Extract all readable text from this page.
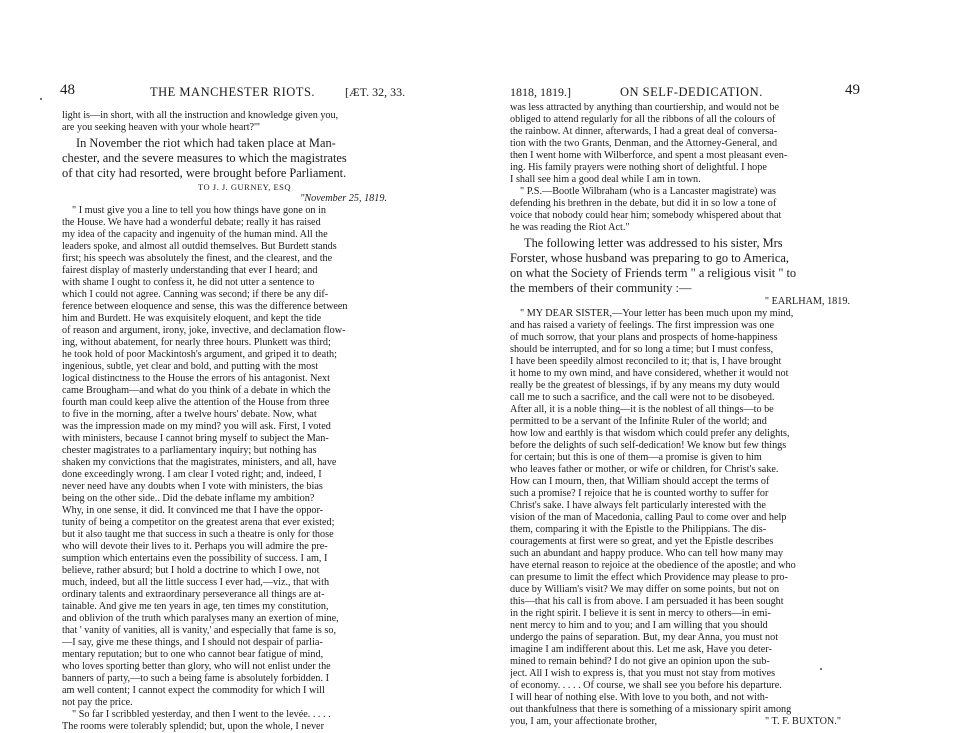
48	THE MANCHESTER RIOTS. [ÆT. 32, 33.
light is—in short, with all the instruction and knowledge given you,
are you seeking heaven with your whole heart?'"
In November the riot which had taken place at Man-
chester, and the severe measures to which the magistrates
of that city had resorted, were brought before Parliament.
TO J. J. GURNEY, ESQ
"November 25, 1819.
" I must give you a line to tell you how things have gone on in
the House. We have had a wonderful debate; really it has raised
my idea of the capacity and ingenuity of the human mind. All the
leaders spoke, and almost all outdid themselves. But Burdett stands
first; his speech was absolutely the finest, and the clearest, and the
fairest display of masterly understanding that ever I heard; and
with shame I ought to confess it, he did not utter a sentence to
which I could not agree. Canning was second; if there be any dif-
ference between eloquence and sense, this was the difference between
him and Burdett. He was exquisitely eloquent, and kept the tide
of reason and argument, irony, joke, invective, and declamation flow-
ing, without abatement, for nearly three hours. Plunkett was third;
he took hold of poor Mackintosh's argument, and griped it to death;
ingenious, subtle, yet clear and bold, and putting with the most
logical distinctness to the House the errors of his antagonist. Next
came Brougham—and what do you think of a debate in which the
fourth man could keep alive the attention of the House from three
to five in the morning, after a twelve hours' debate. Now, what
was the impression made on my mind? you will ask. First, I voted
with ministers, because I cannot bring myself to subject the Man-
chester magistrates to a parliamentary inquiry; but nothing has
shaken my convictions that the magistrates, ministers, and all, have
done exceedingly wrong. I am clear I voted right; and, indeed, I
never need have any doubts when I vote with ministers, the bias
being on the other side.. Did the debate inflame my ambition?
Why, in one sense, it did. It convinced me that I have the oppor-
tunity of being a competitor on the greatest arena that ever existed;
but it also taught me that success in such a theatre is only for those
who will devote their lives to it. Perhaps you will admire the pre-
sumption which entertains even the possibility of success. I am, I
believe, rather absurd; but I hold a doctrine to which I owe, not
much, indeed, but all the little success I ever had,—viz., that with
ordinary talents and extraordinary perseverance all things are at-
tainable. And give me ten years in age, ten times my constitution,
and oblivion of the truth which paralyses many an exertion of mine,
that ' vanity of vanities, all is vanity,' and especially that fame is so,
—I say, give me these things, and I should not despair of parlia-
mentary reputation; but to one who cannot bear fatigue of mind,
who loves sporting better than glory, who will not enlist under the
banners of party,—to such a being fame is absolutely forbidden. I
am well content; I cannot expect the commodity for which I will
not pay the price.
" So far I scribbled yesterday, and then I went to the levée. . . . .
The rooms were tolerably splendid; but, upon the whole, I never
1818, 1819.]	ON SELF-DEDICATION.	49
was less attracted by anything than courtiership, and would not be
obliged to attend regularly for all the ribbons of all the colours of
the rainbow. At dinner, afterwards, I had a great deal of conversa-
tion with the two Grants, Denman, and the Attorney-General, and
then I went home with Wilberforce, and spent a most pleasant even-
ing. His family prayers were nothing short of delightful. I hope
I shall see him a good deal while I am in town.
" P.S.—Bootle Wilbraham (who is a Lancaster magistrate) was
defending his brethren in the debate, but did it in so low a tone of
voice that nobody could hear him; somebody whispered about that
he was reading the Riot Act."
The following letter was addressed to his sister, Mrs
Forster, whose husband was preparing to go to America,
on what the Society of Friends term " a religious visit " to
the members of their community :—
" EARLHAM, 1819.
" MY DEAR SISTER,—Your letter has been much upon my mind,
and has raised a variety of feelings. The first impression was one
of much sorrow, that your plans and prospects of home-happiness
should be interrupted, and for so long a time; but I must confess,
I have been speedily almost reconciled to it; that is, I have brought
it home to my own mind, and have considered, whether it would not
really be the greatest of blessings, if by any means my duty would
call me to such a sacrifice, and the call were not to be disobeyed.
After all, it is a noble thing—it is the noblest of all things—to be
permitted to be a servant of the Infinite Ruler of the world; and
how low and earthly is that wisdom which could prefer any delights,
before the delights of such self-dedication! We know but few things
for certain; but this is one of them—a promise is given to him
who leaves father or mother, or wife or children, for Christ's sake.
How can I mourn, then, that William should accept the terms of
such a promise? I rejoice that he is counted worthy to suffer for
Christ's sake. I have always felt particularly interested with the
vision of the man of Macedonia, calling Paul to come over and help
them, comparing it with the Epistle to the Philippians. The dis-
couragements at first were so great, and yet the Epistle describes
such an abundant and happy produce. Who can tell how many may
have eternal reason to rejoice at the obedience of the apostle; and who
can presume to limit the effect which Providence may please to pro-
duce by William's visit? We may differ on some points, but not on
this—that his call is from above. I am persuaded it has been sought
in the right spirit. I believe it is sent in mercy to others—in emi-
nent mercy to him and to you; and I am willing that you should
undergo the pains of separation. But, my dear Anna, you must not
imagine I am indifferent about this. Let me ask, Have you deter-
mined to remain behind? I do not give an opinion upon the sub-
ject. All I wish to express is, that you must not stay from motives
of economy. . . . . Of course, we shall see you before his departure.
I will hear of nothing else. With love to you both, and not with-
out thankfulness that there is something of a missionary spirit among
you, I am, your affectionate brother,	" T. F. BUXTON."
